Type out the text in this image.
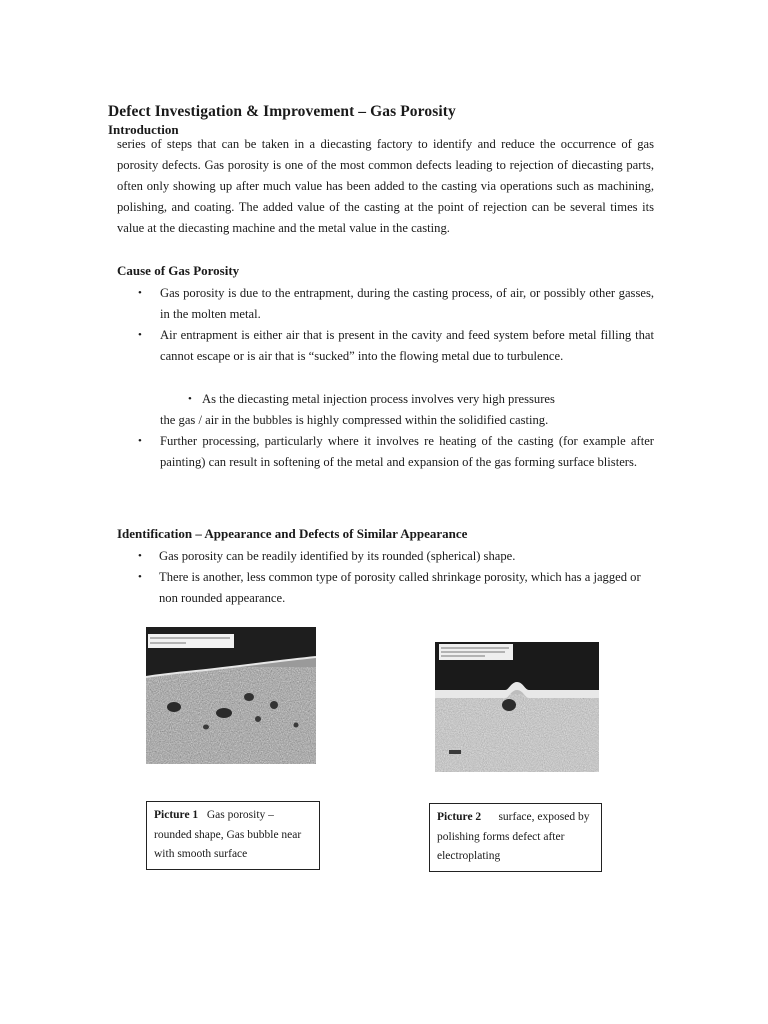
Defect Investigation & Improvement – Gas Porosity
Introduction

series of steps that can be taken in a diecasting factory to identify and reduce the occurrence of gas porosity defects. Gas porosity is one of the most common defects leading to rejection of diecasting parts, often only showing up after much value has been added to the casting via operations such as machining, polishing, and coating. The added value of the casting at the point of rejection can be several times its value at the diecasting machine and the metal value in the casting.

Cause of Gas Porosity
• Gas porosity is due to the entrapment, during the casting process, of air, or possibly other gasses, in the molten metal.
• Air entrapment is either air that is present in the cavity and feed system before metal filling that cannot escape or is air that is “sucked” into the flowing metal due to turbulence.
• As the diecasting metal injection process involves very high pressures
the gas / air in the bubbles is highly compressed within the solidified casting.
• Further processing, particularly where it involves re heating of the casting (for example after painting) can result in softening of the metal and expansion of the gas forming surface blisters.
Identification – Appearance and Defects of Similar Appearance
• Gas porosity can be readily identified by its rounded (spherical) shape.
• There is another, less common type of porosity called shrinkage porosity, which has a jagged or non rounded appearance.
Picture 1 Gas porosity – rounded shape, Gas bubble near with smooth surface
Picture 2 surface, exposed by polishing forms defect after electroplating
